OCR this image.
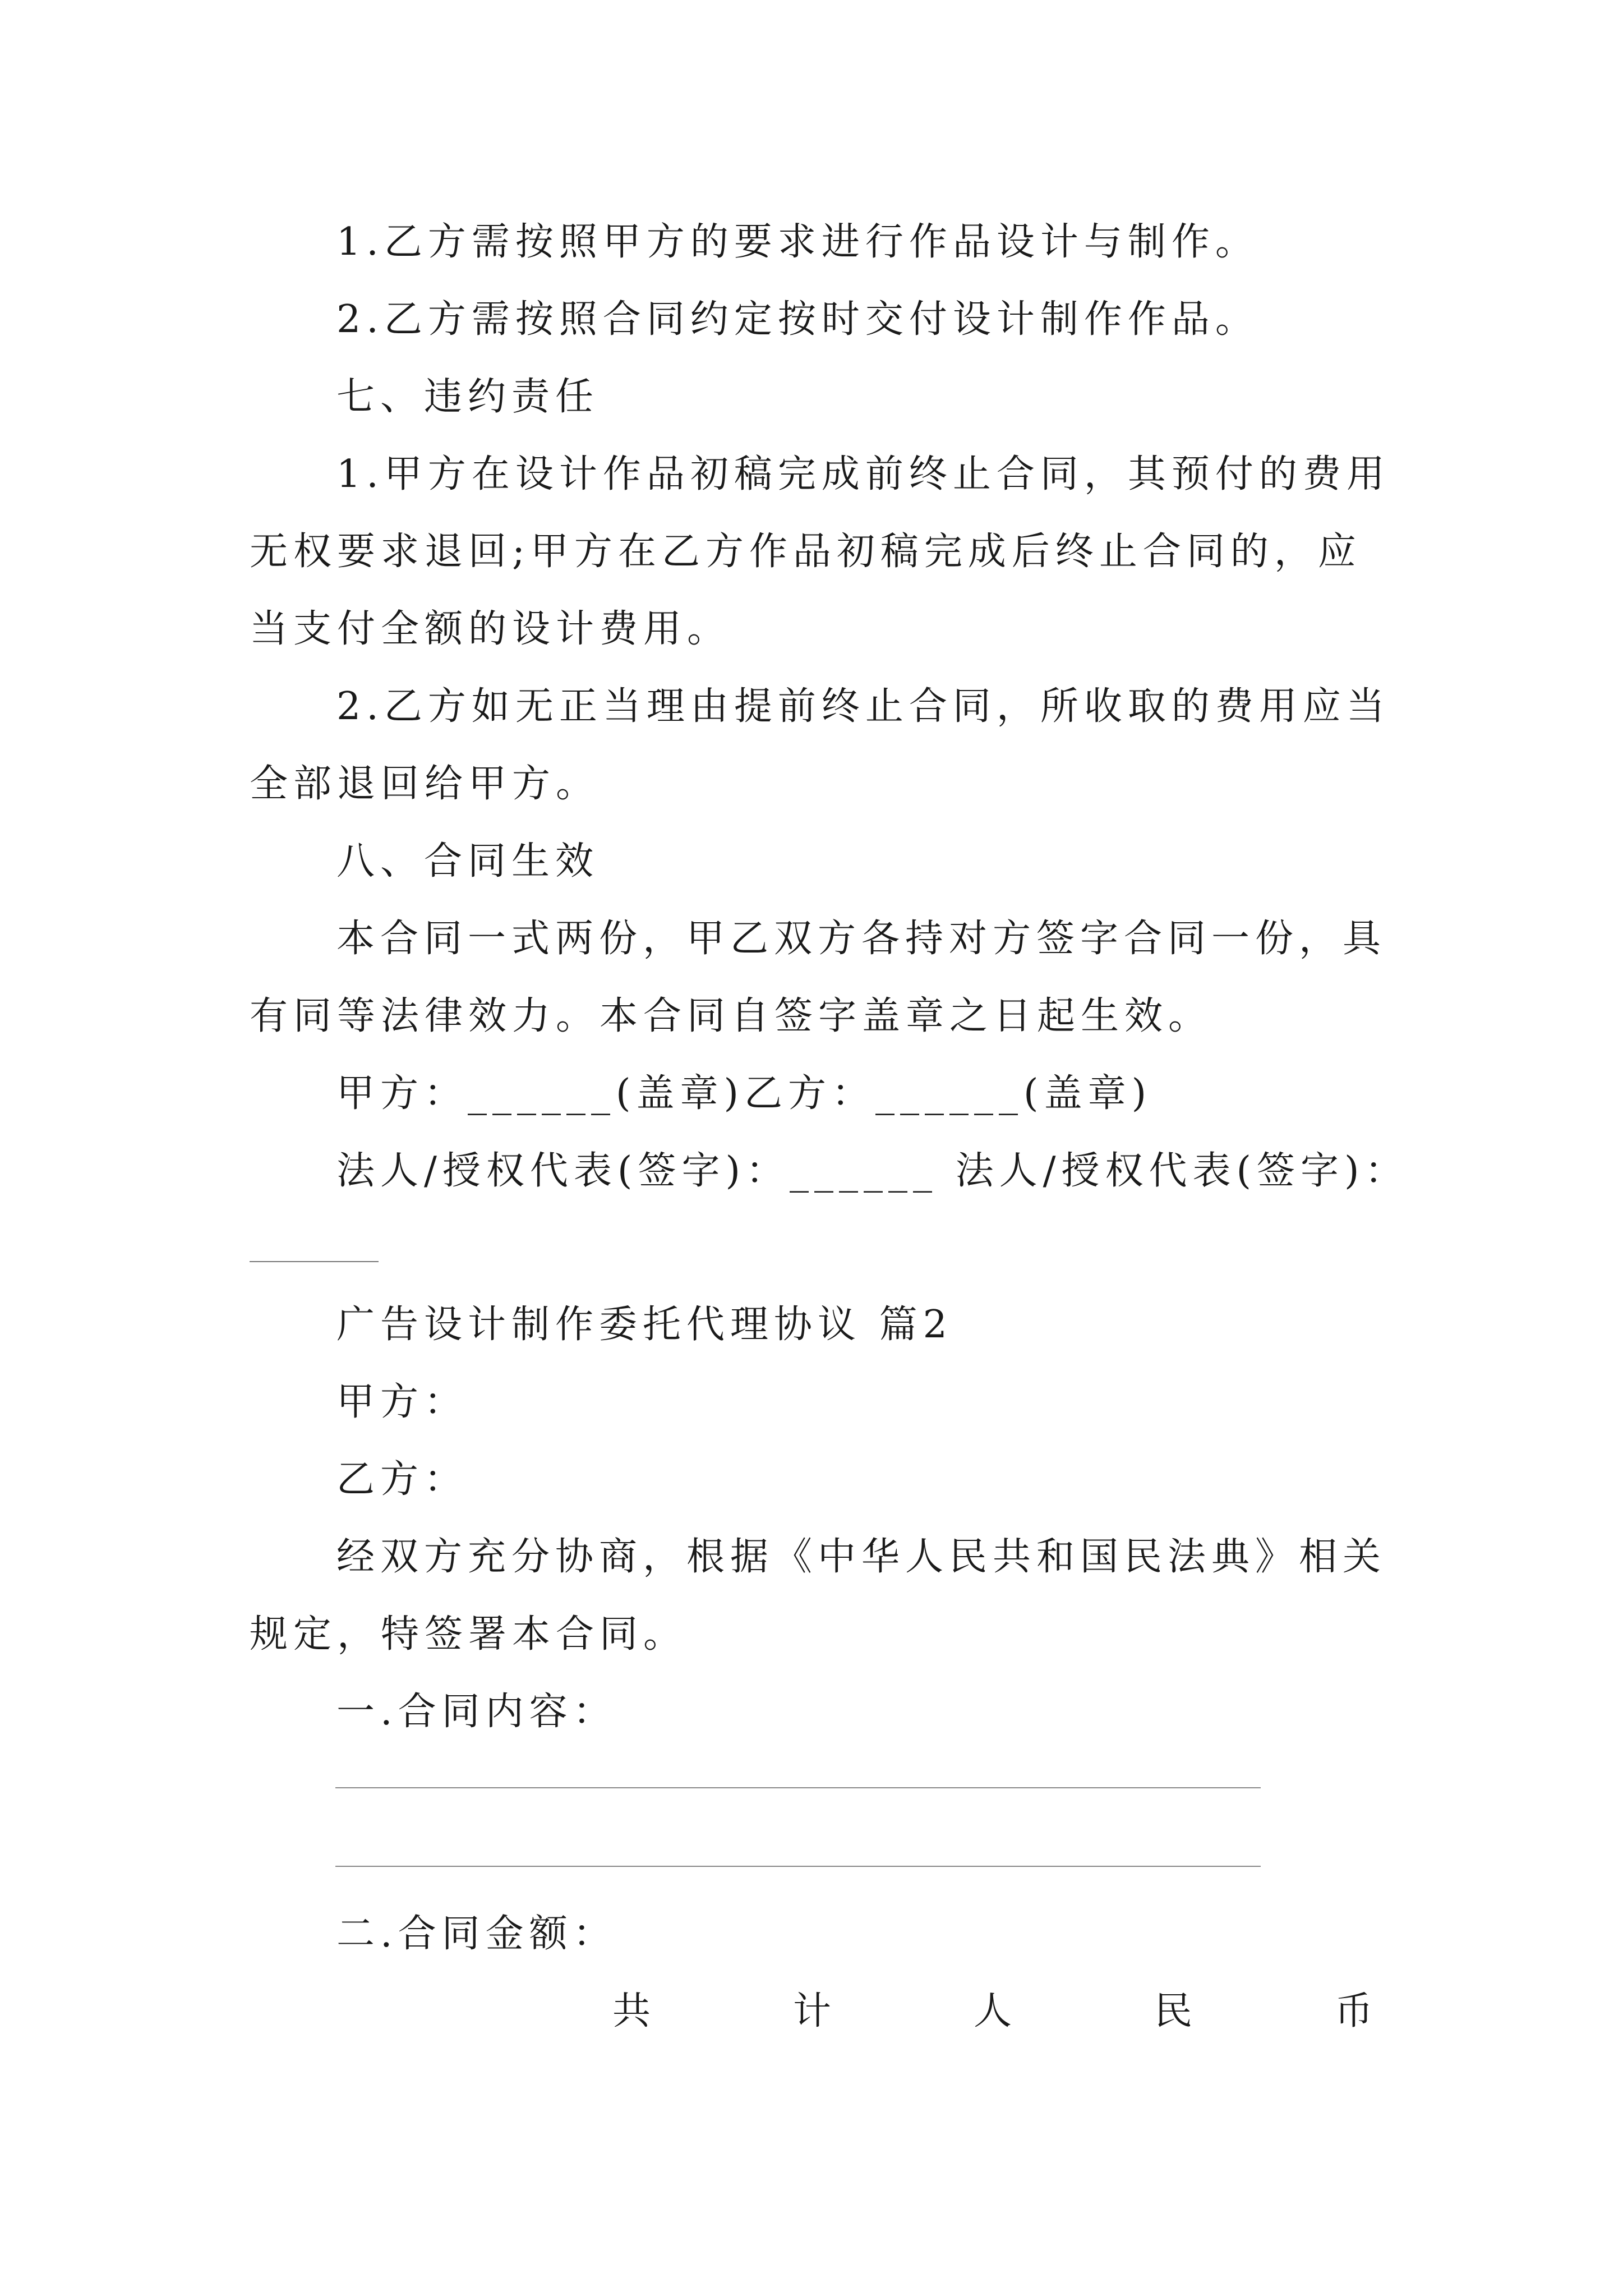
1.乙方需按照甲方的要求进行作品设计与制作。
2.乙方需按照合同约定按时交付设计制作作品。
七、违约责任
1.甲方在设计作品初稿完成前终止合同，其预付的费用
无权要求退回;甲方在乙方作品初稿完成后终止合同的，应
当支付全额的设计费用。
2.乙方如无正当理由提前终止合同，所收取的费用应当
全部退回给甲方。
八、合同生效
本合同一式两份，甲乙双方各持对方签字合同一份，具
有同等法律效力。本合同自签字盖章之日起生效。
甲方：______(盖章)乙方：______(盖章)
法人/授权代表(签字)：______ 法人/授权代表(签字)：
广告设计制作委托代理协议 篇2
甲方：
乙方：
经双方充分协商，根据《中华人民共和国民法典》相关
规定，特签署本合同。
一.合同内容：
二.合同金额：
共	计	人	民	币
